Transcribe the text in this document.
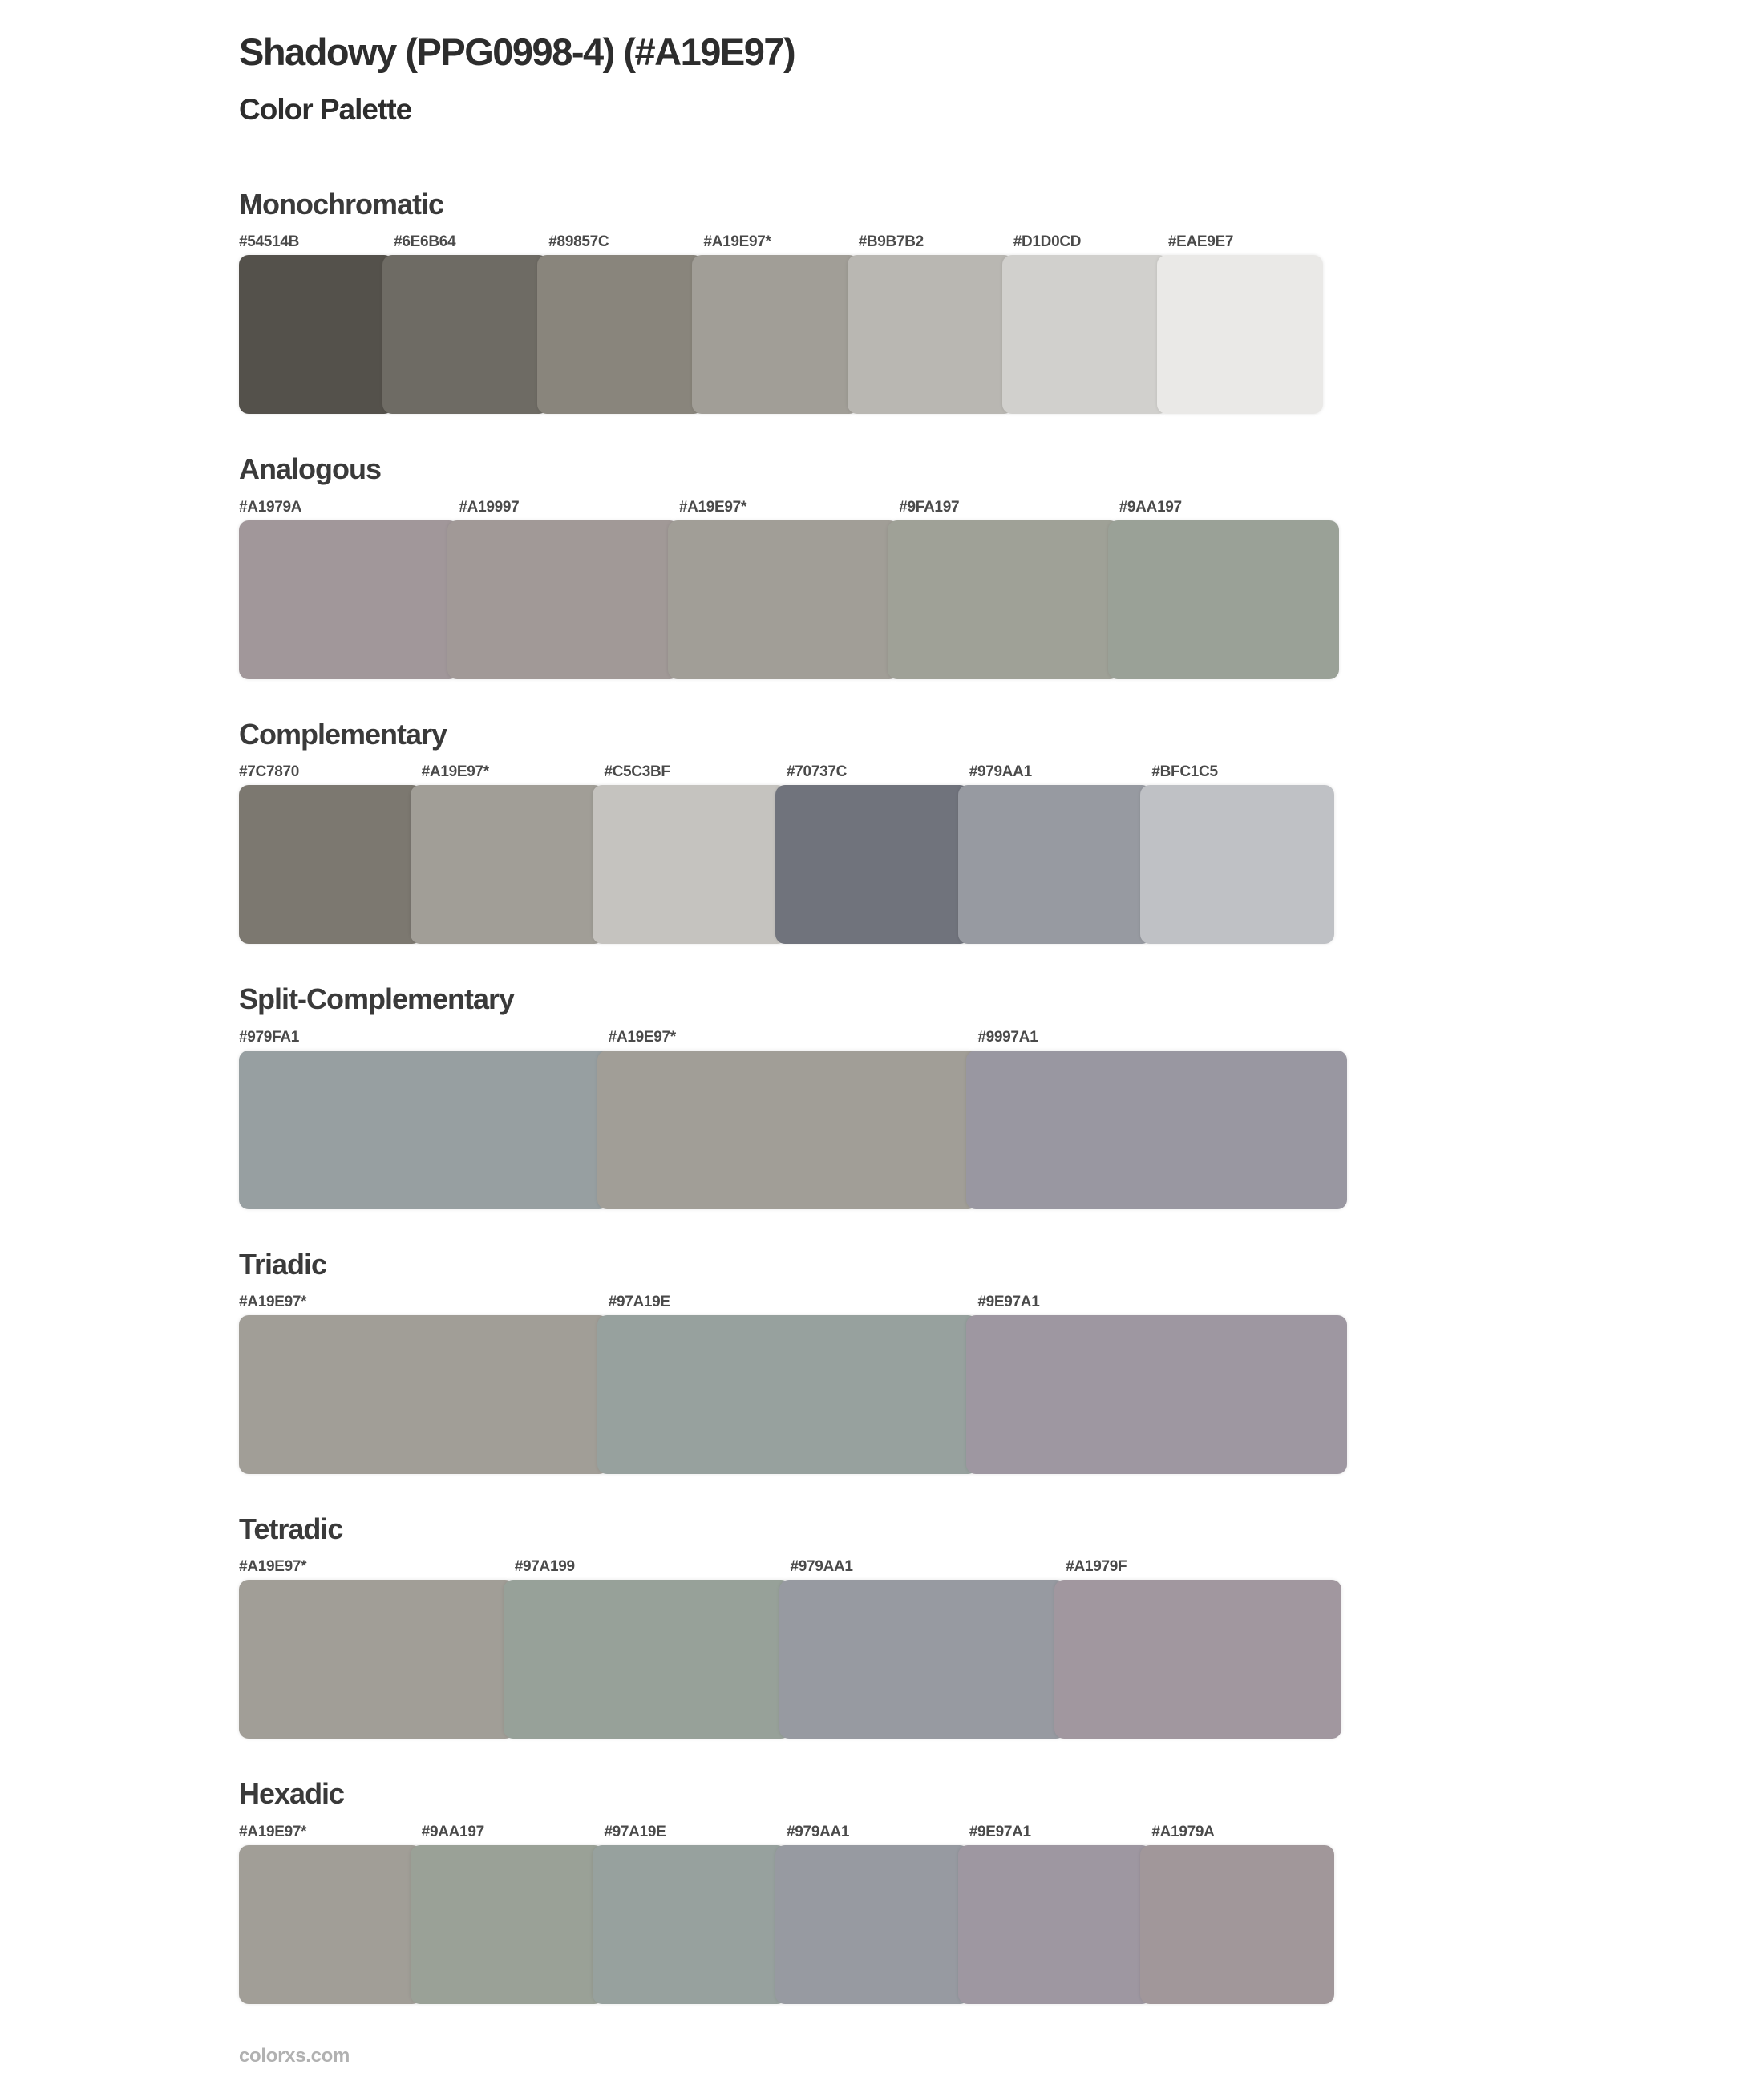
Shadowy (PPG0998-4) (#A19E97)
Color Palette
Monochromatic
#54514B	#6E6B64	#89857C	#A19E97*	#B9B7B2	#D1D0CD	#EAE9E7
Analogous
#A1979A	#A19997	#A19E97*	#9FA197	#9AA197
Complementary
#7C7870	#A19E97*	#C5C3BF	#70737C	#979AA1	#BFC1C5
Split-Complementary
#979FA1	#A19E97*	#9997A1
Triadic
#A19E97*	#97A19E	#9E97A1
Tetradic
#A19E97*	#97A199	#979AA1	#A1979F
Hexadic
#A19E97*	#9AA197	#97A19E	#979AA1	#9E97A1	#A1979A
colorxs.com
